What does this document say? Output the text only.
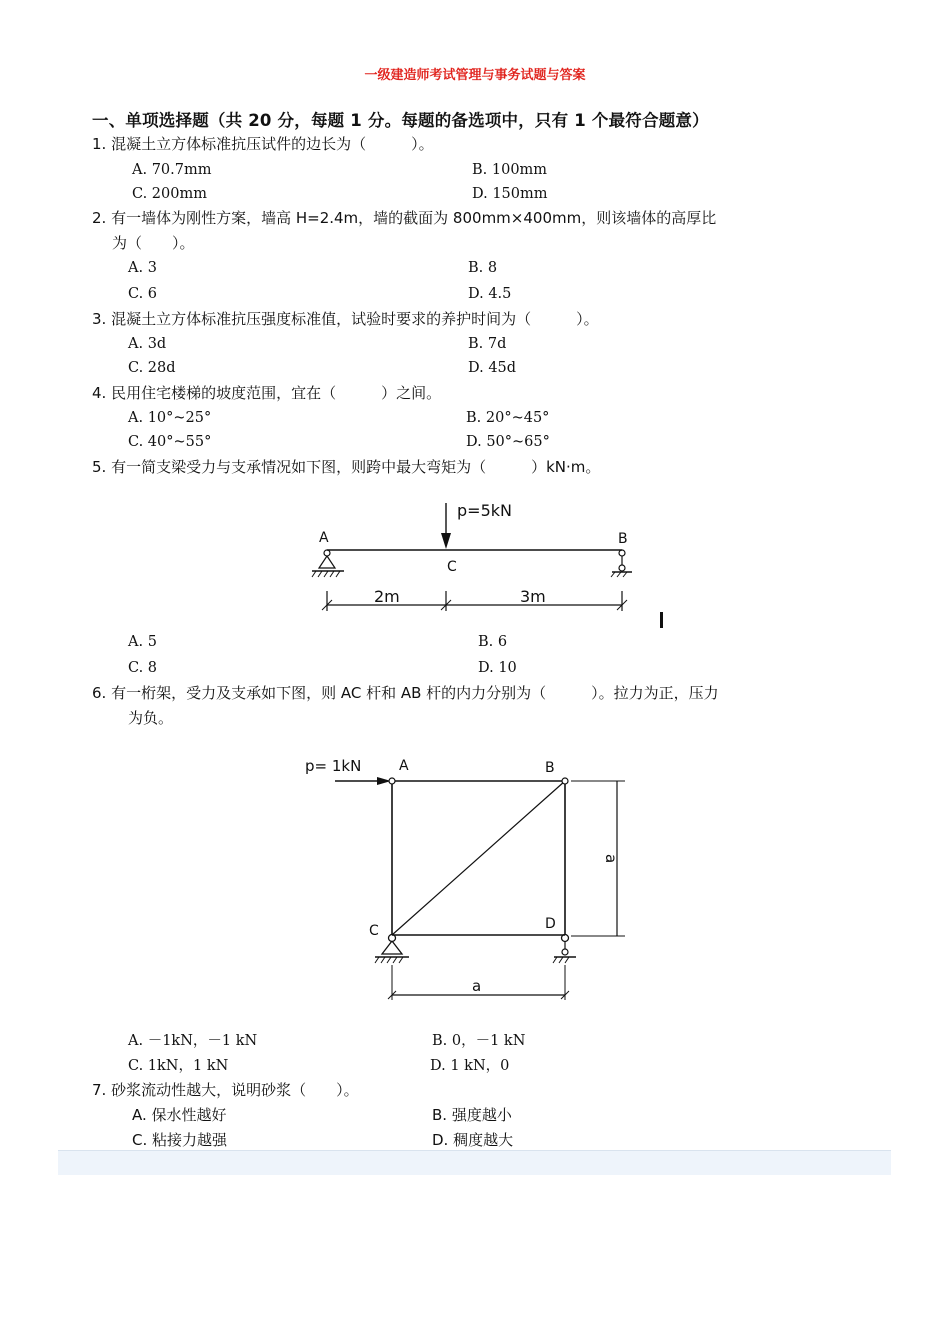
一级建造师考试管理与事务试题与答案
一、单项选择题（共 20 分，每题 1 分。每题的备选项中，只有 1 个最符合题意）
1. 混凝土立方体标准抗压试件的边长为（　　　）。
A. 70.7mm	B. 100mm
C. 200mm	D. 150mm
2. 有一墙体为刚性方案，墙高 H=2.4m，墙的截面为 800mm×400mm，则该墙体的高厚比
为（　　）。
A. 3	B. 8
C. 6	D. 4.5
3. 混凝土立方体标准抗压强度标准值，试验时要求的养护时间为（　　　）。
A. 3d	B. 7d
C. 28d	D. 45d
4. 民用住宅楼梯的坡度范围，宜在（　　　）之间。
A. 10°~25°	B. 20°~45°
C. 40°~55°	D. 50°~65°
5. 有一简支梁受力与支承情况如下图，则跨中最大弯矩为（　　　）kN·m。
p=5kN
A	B
C
2m	3m
A. 5	B. 6
C. 8	D. 10
6. 有一桁架，受力及支承如下图，则 AC 杆和 AB 杆的内力分别为（　　　）。拉力为正，压力
为负。
p= 1kN	A	B
C	D
a
a
A. －1kN，－1 kN	B. 0，－1 kN
C. 1kN，1 kN	D. 1 kN，0
7. 砂浆流动性越大，说明砂浆（　　）。
A. 保水性越好	B. 强度越小
C. 粘接力越强	D. 稠度越大
